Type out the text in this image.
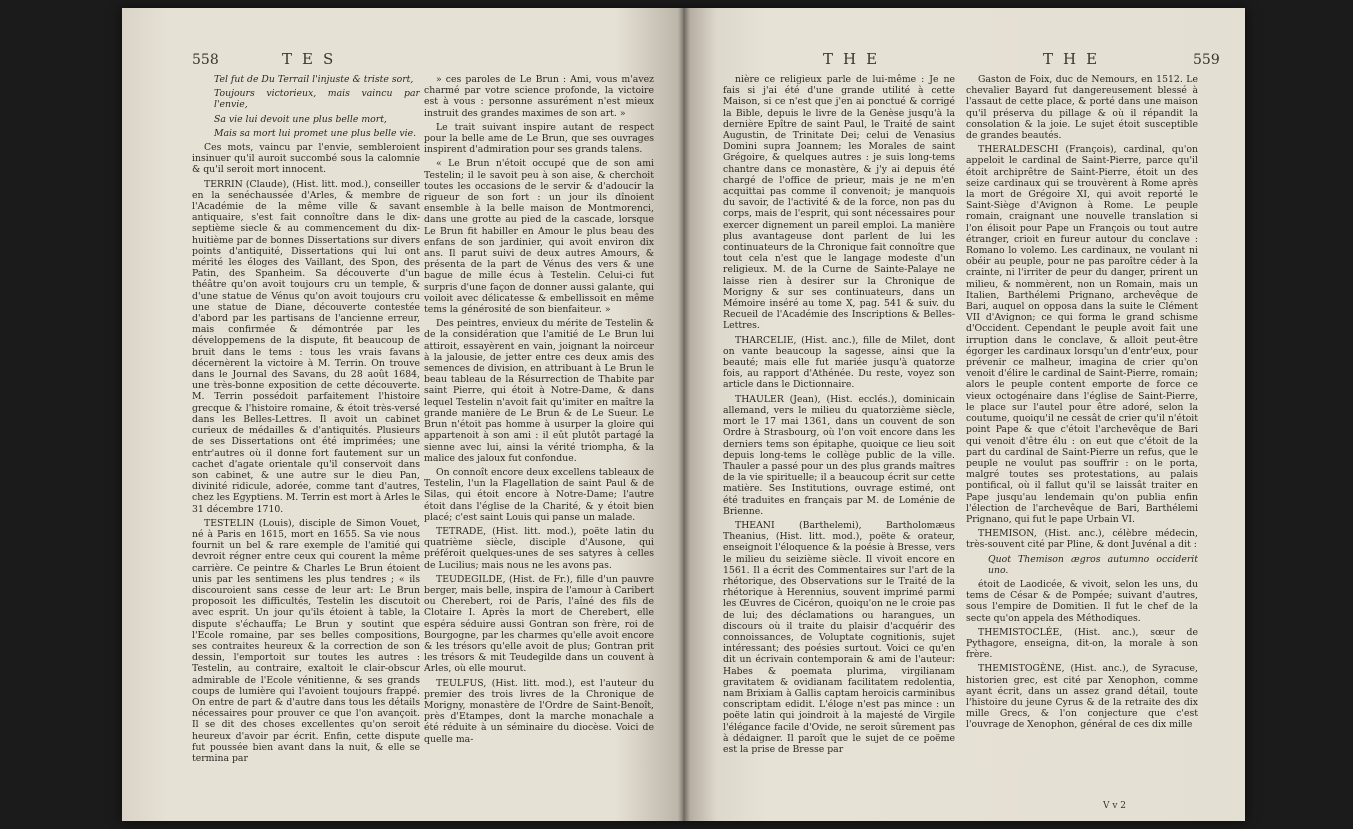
558	TES

Tel fut de Du Terrail l'injuste & triste sort,

Toujours victorieux, mais vaincu par l'envie,

Sa vie lui devoit une plus belle mort,

Mais sa mort lui promet une plus belle vie.

Ces mots, vaincu par l'envie, sembleroient insinuer qu'il auroit succombé sous la calomnie & qu'il seroit mort innocent.

TERRIN (Claude), (Hist. litt. mod.), conseiller en la senéchaussée d'Arles, & membre de l'Académie de la même ville & savant antiquaire, s'est fait connoître dans le dix-septième siecle & au commencement du dix-huitième par de bonnes Dissertations sur divers points d'antiquité, Dissertations qui lui ont mérité les éloges des Vaillant, des Spon, des Patin, des Spanheim. Sa découverte d'un théâtre qu'on avoit toujours cru un temple, & d'une statue de Vénus qu'on avoit toujours cru une statue de Diane, découverte contestée d'abord par les partisans de l'ancienne erreur, mais confirmée & démontrée par les développemens de la dispute, fit beaucoup de bruit dans le tems : tous les vrais favans décernèrent la victoire à M. Terrin. On trouve dans le Journal des Savans, du 28 août 1684, une très-bonne exposition de cette découverte. M. Terrin possédoit parfaitement l'histoire grecque & l'histoire romaine, & étoit très-versé dans les Belles-Lettres. Il avoit un cabinet curieux de médailles & d'antiquités. Plusieurs de ses Dissertations ont été imprimées; une entr'autres où il donne fort fautement sur un cachet d'agate orientale qu'il conservoit dans son cabinet, & une autre sur le dieu Pan, divinité ridicule, adorée, comme tant d'autres, chez les Egyptiens. M. Terrin est mort à Arles le 31 décembre 1710.

TESTELIN (Louis), disciple de Simon Vouet, né à Paris en 1615, mort en 1655. Sa vie nous fournit un bel & rare exemple de l'amitié qui devroit régner entre ceux qui courent la même carrière. Ce peintre & Charles Le Brun étoient unis par les sentimens les plus tendres ; « ils discouroient sans cesse de leur art: Le Brun proposoit les difficultés, Testelin les discutoit avec esprit. Un jour qu'ils étoient à table, la dispute s'échauffa; Le Brun y soutint que l'Ecole romaine, par ses belles compositions, ses contraites heureux & la correction de son dessin, l'emportoit sur toutes les autres : Testelin, au contraire, exaltoit le clair-obscur admirable de l'Ecole vénitienne, & ses grands coups de lumière qui l'avoient toujours frappé. On entre de part & d'autre dans tous les détails nécessaires pour prouver ce que l'on avançoit. Il se dit des choses excellentes qu'on seroit heureux d'avoir par écrit. Enfin, cette dispute fut poussée bien avant dans la nuit, & elle se termina par

» ces paroles de Le Brun : Ami, vous m'avez charmé par votre science profonde, la victoire est à vous : personne assurément n'est mieux instruit des grandes maximes de son art. »

Le trait suivant inspire autant de respect pour la belle ame de Le Brun, que ses ouvrages inspirent d'admiration pour ses grands talens.

« Le Brun n'étoit occupé que de son ami Testelin; il le savoit peu à son aise, & cherchoit toutes les occasions de le servir & d'adoucir la rigueur de son fort : un jour ils dînoient ensemble à la belle maison de Montmorenci, dans une grotte au pied de la cascade, lorsque Le Brun fit habiller en Amour le plus beau des enfans de son jardinier, qui avoit environ dix ans. Il parut suivi de deux autres Amours, & présenta de la part de Vénus des vers & une bague de mille écus à Testelin. Celui-ci fut surpris d'une façon de donner aussi galante, qui voiloit avec délicatesse & embellissoit en même tems la générosité de son bienfaiteur. »

Des peintres, envieux du mérite de Testelin & de la considération que l'amitié de Le Brun lui attiroit, essayèrent en vain, joignant la noirceur à la jalousie, de jetter entre ces deux amis des semences de division, en attribuant à Le Brun le beau tableau de la Résurrection de Thabite par saint Pierre, qui étoit à Notre-Dame, & dans lequel Testelin n'avoit fait qu'imiter en maître la grande manière de Le Brun & de Le Sueur. Le Brun n'étoit pas homme à usurper la gloire qui appartenoit à son ami : il eût plutôt partagé la sienne avec lui, ainsi la vérité triompha, & la malice des jaloux fut confondue.

On connoît encore deux excellens tableaux de Testelin, l'un la Flagellation de saint Paul & de Silas, qui étoit encore à Notre-Dame; l'autre étoit dans l'église de la Charité, & y étoit bien placé; c'est saint Louis qui panse un malade.

TETRADE, (Hist. litt. mod.), poëte latin du quatrième siècle, disciple d'Ausone, qui préféroit quelques-unes de ses satyres à celles de Lucilius; mais nous ne les avons pas.

TEUDEGILDE, (Hist. de Fr.), fille d'un pauvre berger, mais belle, inspira de l'amour à Caribert ou Cherebert, roi de Paris, l'aîné des fils de Clotaire I. Après la mort de Cherebert, elle espéra séduire aussi Gontran son frère, roi de Bourgogne, par les charmes qu'elle avoit encore & les trésors qu'elle avoit de plus; Gontran prit les trésors & mit Teudegilde dans un couvent à Arles, où elle mourut.

TEULFUS, (Hist. litt. mod.), est l'auteur du premier des trois livres de la Chronique de Morigny, monastère de l'Ordre de Saint-Benoît, près d'Etampes, dont la marche monachale a été réduite à un séminaire du diocèse. Voici de quelle ma-

THE	THE	559

nière ce religieux parle de lui-même : Je ne fais si j'ai été d'une grande utilité à cette Maison, si ce n'est que j'en ai ponctué & corrigé la Bible, depuis le livre de la Genèse jusqu'à la dernière Epître de saint Paul, le Traité de saint Augustin, de Trinitate Dei; celui de Venasius Domini supra Joannem; les Morales de saint Grégoire, & quelques autres : je suis long-tems chantre dans ce monastère, & j'y ai depuis été chargé de l'office de prieur, mais je ne m'en acquittai pas comme il convenoit; je manquois du savoir, de l'activité & de la force, non pas du corps, mais de l'esprit, qui sont nécessaires pour exercer dignement un pareil emploi. La manière plus avantageuse dont parlent de lui les continuateurs de la Chronique fait connoître que tout cela n'est que le langage modeste d'un religieux. M. de la Curne de Sainte-Palaye ne laisse rien à desirer sur la Chronique de Morigny & sur ses continuateurs, dans un Mémoire inséré au tome X, pag. 541 & suiv. du Recueil de l'Académie des Inscriptions & Belles-Lettres.

THARCELIE, (Hist. anc.), fille de Milet, dont on vante beaucoup la sagesse, ainsi que la beauté; mais elle fut mariée jusqu'à quatorze fois, au rapport d'Athénée. Du reste, voyez son article dans le Dictionnaire.

THAULER (Jean), (Hist. ecclés.), dominicain allemand, vers le milieu du quatorzième siècle, mort le 17 mai 1361, dans un couvent de son Ordre à Strasbourg, où l'on voit encore dans les derniers tems son épitaphe, quoique ce lieu soit depuis long-tems le collège public de la ville. Thauler a passé pour un des plus grands maîtres de la vie spirituelle; il a beaucoup écrit sur cette matière. Ses Institutions, ouvrage estimé, ont été traduites en français par M. de Loménie de Brienne.

THEANI (Barthelemi), Bartholomæus Theanius, (Hist. litt. mod.), poëte & orateur, enseignoit l'éloquence & la poésie à Bresse, vers le milieu du seizième siècle. Il vivoit encore en 1561. Il a écrit des Commentaires sur l'art de la rhétorique, des Observations sur le Traité de la rhétorique à Herennius, souvent imprimé parmi les Œuvres de Cicéron, quoiqu'on ne le croie pas de lui; des déclamations ou harangues, un discours où il traite du plaisir d'acquérir des connoissances, de Voluptate cognitionis, sujet intéressant; des poésies surtout. Voici ce qu'en dit un écrivain contemporain & ami de l'auteur: Habes & poemata plurima, virgilianam gravitatem & ovidianam facilitatem redolentia, nam Brixiam à Gallis captam heroicis carminibus conscriptam edidit. L'éloge n'est pas mince : un poëte latin qui joindroit à la majesté de Virgile l'élégance facile d'Ovide, ne seroit sûrement pas à dédaigner. Il paroît que le sujet de ce poëme est la prise de Bresse par

Gaston de Foix, duc de Nemours, en 1512. Le chevalier Bayard fut dangereusement blessé à l'assaut de cette place, & porté dans une maison qu'il préserva du pillage & où il répandit la consolation & la joie. Le sujet étoit susceptible de grandes beautés.

THERALDESCHI (François), cardinal, qu'on appeloit le cardinal de Saint-Pierre, parce qu'il étoit archiprêtre de Saint-Pierre, étoit un des seize cardinaux qui se trouvèrent à Rome après la mort de Grégoire XI, qui avoit reporté le Saint-Siège d'Avignon à Rome. Le peuple romain, craignant une nouvelle translation si l'on élisoit pour Pape un François ou tout autre étranger, crioit en fureur autour du conclave : Romano lo volemo. Les cardinaux, ne voulant ni obéir au peuple, pour ne pas paroître céder à la crainte, ni l'irriter de peur du danger, prirent un milieu, & nommèrent, non un Romain, mais un Italien, Barthélemi Prignano, archevêque de Bari, auquel on opposa dans la suite le Clément VII d'Avignon; ce qui forma le grand schisme d'Occident. Cependant le peuple avoit fait une irruption dans le conclave, & alloit peut-être égorger les cardinaux lorsqu'un d'entr'eux, pour prévenir ce malheur, imagina de crier qu'on venoit d'élire le cardinal de Saint-Pierre, romain; alors le peuple content emporte de force ce vieux octogénaire dans l'église de Saint-Pierre, le place sur l'autel pour être adoré, selon la coutume, quoiqu'il ne cessât de crier qu'il n'étoit point Pape & que c'étoit l'archevêque de Bari qui venoit d'être élu : on eut que c'étoit de la part du cardinal de Saint-Pierre un refus, que le peuple ne voulut pas souffrir : on le porta, malgré toutes ses protestations, au palais pontifical, où il fallut qu'il se laissât traiter en Pape jusqu'au lendemain qu'on publia enfin l'élection de l'archevêque de Bari, Barthélemi Prignano, qui fut le pape Urbain VI.

THEMISON, (Hist. anc.), célèbre médecin, très-souvent cité par Pline, & dont Juvénal a dit :

Quot Themison ægros autumno occiderit uno.

étoit de Laodicée, & vivoit, selon les uns, du tems de César & de Pompée; suivant d'autres, sous l'empire de Domitien. Il fut le chef de la secte qu'on appela des Méthodiques.

THEMISTOCLÉE, (Hist. anc.), sœur de Pythagore, enseigna, dit-on, la morale à son frère.

THEMISTOGÈNE, (Hist. anc.), de Syracuse, historien grec, est cité par Xenophon, comme ayant écrit, dans un assez grand détail, toute l'histoire du jeune Cyrus & de la retraite des dix mille Grecs, & l'on conjecture que c'est l'ouvrage de Xenophon, général de ces dix mille

V v 2
